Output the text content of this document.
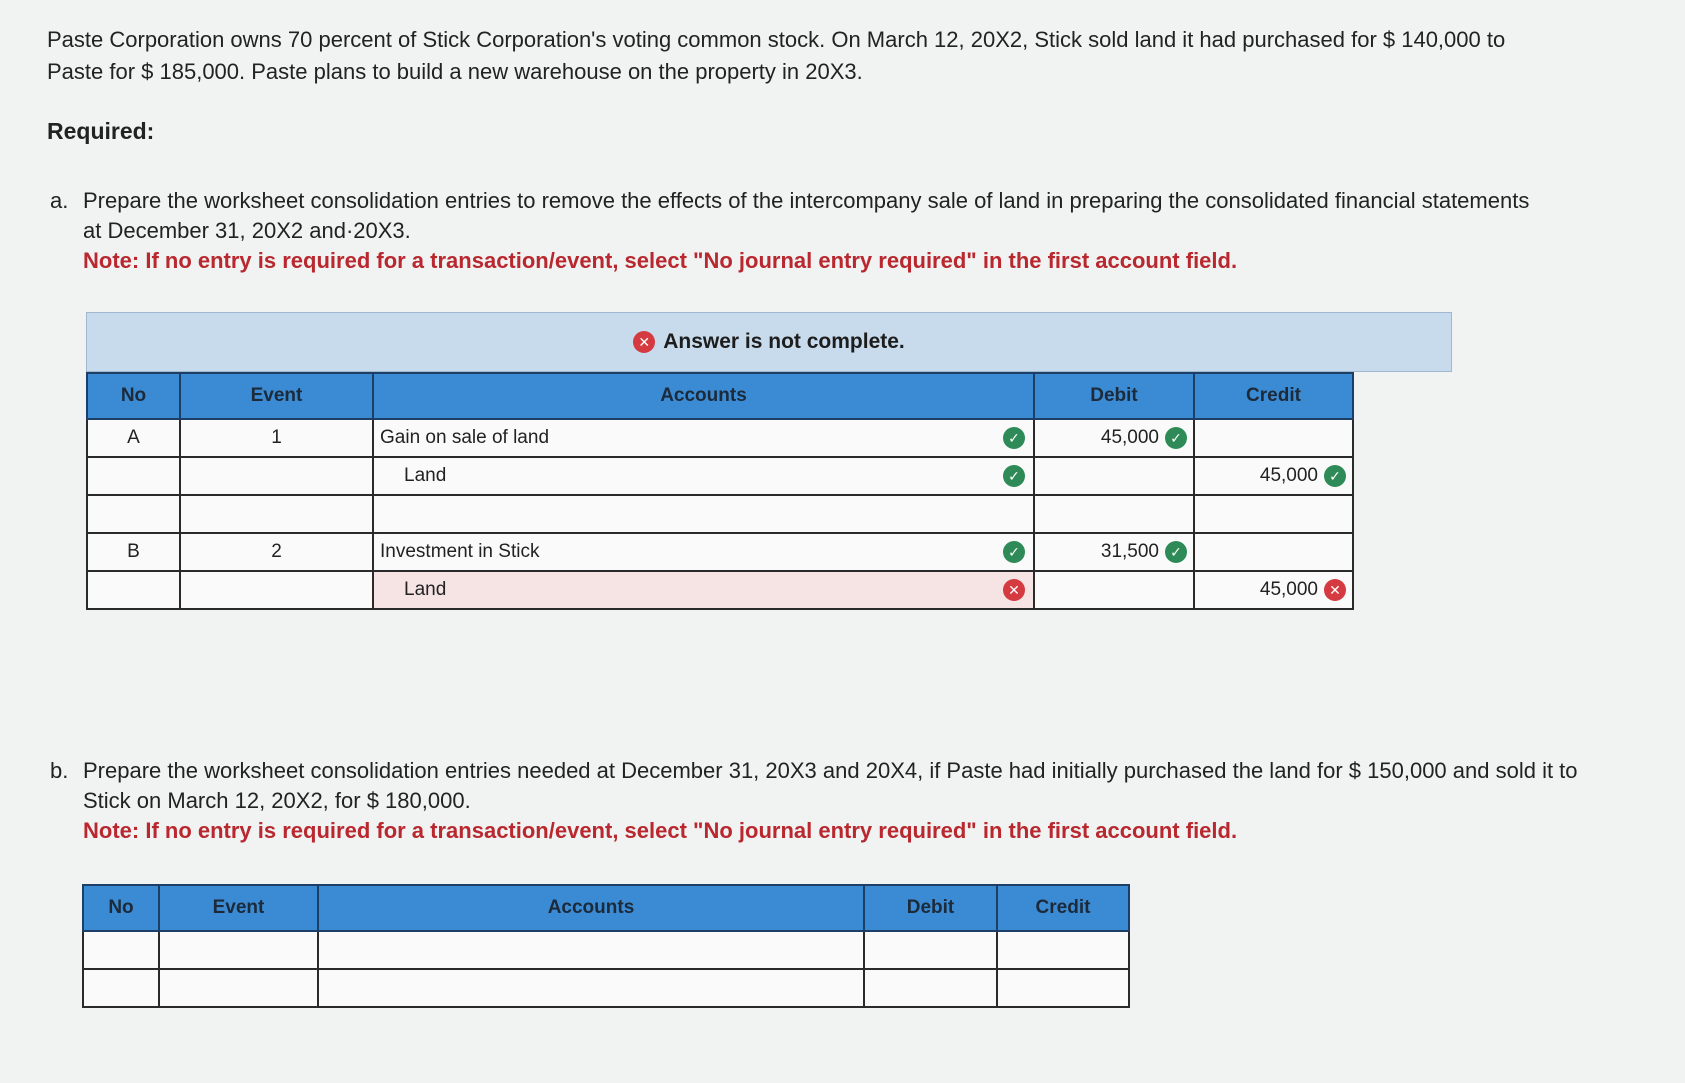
Paste Corporation owns 70 percent of Stick Corporation's voting common stock. On March 12, 20X2, Stick sold land it had purchased for $ 140,000 to Paste for $ 185,000. Paste plans to build a new warehouse on the property in 20X3.
Required:
a. Prepare the worksheet consolidation entries to remove the effects of the intercompany sale of land in preparing the consolidated financial statements at December 31, 20X2 and·20X3.
Note: If no entry is required for a transaction/event, select "No journal entry required" in the first account field.
✕ Answer is not complete.
No	Event	Accounts	Debit	Credit
A	1	Gain on sale of land ✓	45,000 ✓	

		Land ✓		45,000 ✓

B	2	Investment in Stick ✓	31,500 ✓	

		Land ✕		45,000 ✕
b. Prepare the worksheet consolidation entries needed at December 31, 20X3 and 20X4, if Paste had initially purchased the land for $ 150,000 and sold it to Stick on March 12, 20X2, for $ 180,000.
Note: If no entry is required for a transaction/event, select "No journal entry required" in the first account field.
No	Event	Accounts	Debit	Credit
